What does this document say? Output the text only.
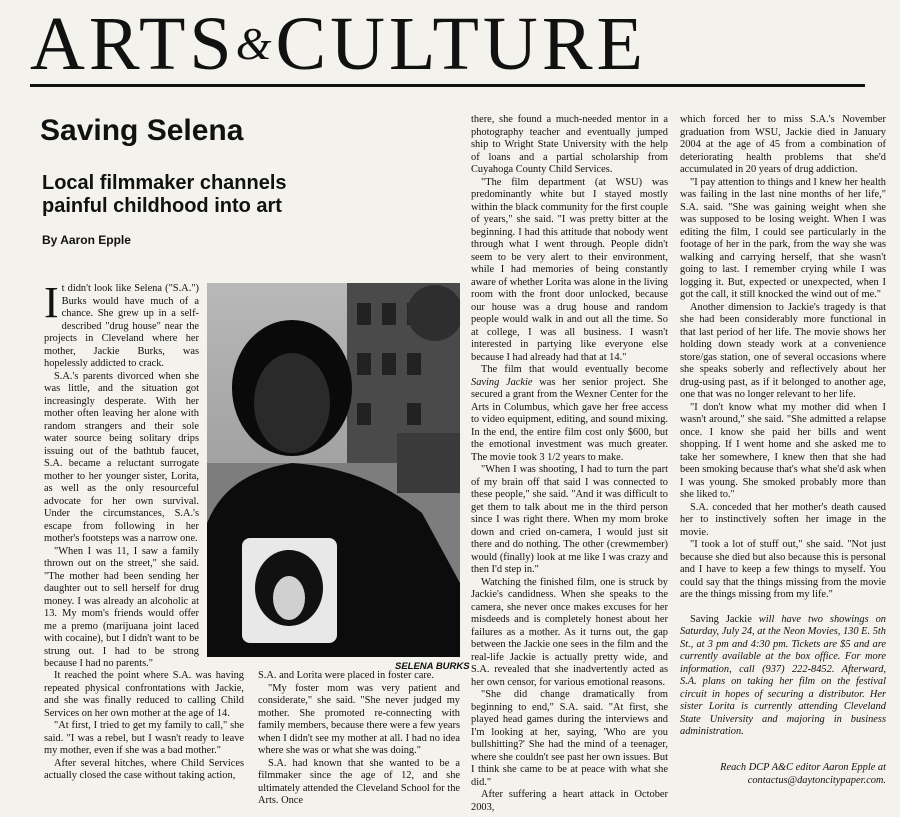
ARTS&CULTURE
Saving Selena
Local filmmaker channels painful childhood into art
By Aaron Epple
SELENA BURKS

It didn't look like Selena ("S.A.") Burks would have much of a chance. She grew up in a self-described "drug house" near the projects in Cleveland where her mother, Jackie Burks, was hopelessly addicted to crack.

S.A.'s parents divorced when she was little, and the situation got increasingly desperate. With her mother often leaving her alone with random strangers and their sole water source being solitary drips issuing out of the bathtub faucet, S.A. became a reluctant surrogate mother to her younger sister, Lorita, as well as the only resourceful advocate for her own survival. Under the circumstances, S.A.'s escape from following in her mother's footsteps was a narrow one.

"When I was 11, I saw a family thrown out on the street," she said. "The mother had been sending her daughter out to sell herself for drug money. I was already an alcoholic at 13. My mom's friends would offer me a premo (marijuana joint laced with cocaine), but I didn't want to be strung out. I had to be strong because I had no parents."

It reached the point where S.A. was having repeated physical confrontations with Jackie, and she was finally reduced to calling Child Services on her own mother at the age of 14.

"At first, I tried to get my family to call," she said. "I was a rebel, but I wasn't ready to leave my mother, even if she was a bad mother."

After several hitches, where Child Services actually closed the case without taking action,

S.A. and Lorita were placed in foster care.

"My foster mom was very patient and considerate," she said. "She never judged my mother. She promoted re-connecting with family members, because there were a few years when I didn't see my mother at all. I had no idea where she was or what she was doing."

S.A. had known that she wanted to be a filmmaker since the age of 12, and she ultimately attended the Cleveland School for the Arts. Once

there, she found a much-needed mentor in a photography teacher and eventually jumped ship to Wright State University with the help of loans and a partial scholarship from Cuyahoga County Child Services.

"The film department (at WSU) was predominantly white but I stayed mostly within the black community for the first couple of years," she said. "I was pretty bitter at the beginning. I had this attitude that nobody went through what I went through. People didn't seem to be very alert to their environment, while I had memories of being constantly aware of whether Lorita was alone in the living room with the front door unlocked, because our house was a drug house and random people would walk in and out all the time. So at college, I was all business. I wasn't interested in partying like everyone else because I had already had that at 14."

The film that would eventually become Saving Jackie was her senior project. She secured a grant from the Wexner Center for the Arts in Columbus, which gave her free access to video equipment, editing, and sound mixing. In the end, the entire film cost only $600, but the emotional investment was much greater. The movie took 3 1/2 years to make.

"When I was shooting, I had to turn the part of my brain off that said I was connected to these people," she said. "And it was difficult to get them to talk about me in the third person since I was right there. When my mom broke down and cried on-camera, I would just sit there and do nothing. The other (crewmember) would (finally) look at me like I was crazy and then I'd step in."

Watching the finished film, one is struck by Jackie's candidness. When she speaks to the camera, she never once makes excuses for her misdeeds and is completely honest about her failures as a mother. As it turns out, the gap between the Jackie one sees in the film and the real-life Jackie is actually pretty wide, and S.A. revealed that she inadvertently acted as her own censor, for various emotional reasons.

"She did change dramatically from beginning to end," S.A. said. "At first, she played head games during the interviews and I'm looking at her, saying, 'Who are you bullshitting?' She had the mind of a teenager, where she couldn't see past her own issues. But I think she came to be at peace with what she did."

After suffering a heart attack in October 2003,

which forced her to miss S.A.'s November graduation from WSU, Jackie died in January 2004 at the age of 45 from a combination of deteriorating health problems that she'd accumulated in 20 years of drug addiction.

"I pay attention to things and I knew her health was failing in the last nine months of her life," S.A. said. "She was gaining weight when she was supposed to be losing weight. When I was editing the film, I could see particularly in the footage of her in the park, from the way she was walking and carrying herself, that she wasn't going to last. I remember crying while I was logging it. But, expected or unexpected, when I got the call, it still knocked the wind out of me."

Another dimension to Jackie's tragedy is that she had been considerably more functional in that last period of her life. The movie shows her holding down steady work at a convenience store/gas station, one of several occasions where she speaks soberly and reflectively about her drug-using past, as if it belonged to another age, one that was no longer relevant to her life.

"I don't know what my mother did when I wasn't around," she said. "She admitted a relapse once. I know she paid her bills and went shopping. If I went home and she asked me to take her somewhere, I knew then that she had been smoking because that's what she'd ask when I was young. She smoked probably more than she liked to."

S.A. conceded that her mother's death caused her to instinctively soften her image in the movie.

"I took a lot of stuff out," she said. "Not just because she died but also because this is personal and I have to keep a few things to myself. You could say that the things missing from the movie are the things missing from my life."

Saving Jackie will have two showings on Saturday, July 24, at the Neon Movies, 130 E. 5th St., at 3 pm and 4:30 pm. Tickets are $5 and are currently available at the box office. For more information, call (937) 222-8452. Afterward, S.A. plans on taking her film on the festival circuit in hopes of securing a distributor. Her sister Lorita is currently attending Cleveland State University and majoring in business administration.

Reach DCP A&C editor Aaron Epple at
contactus@daytoncitypaper.com.
